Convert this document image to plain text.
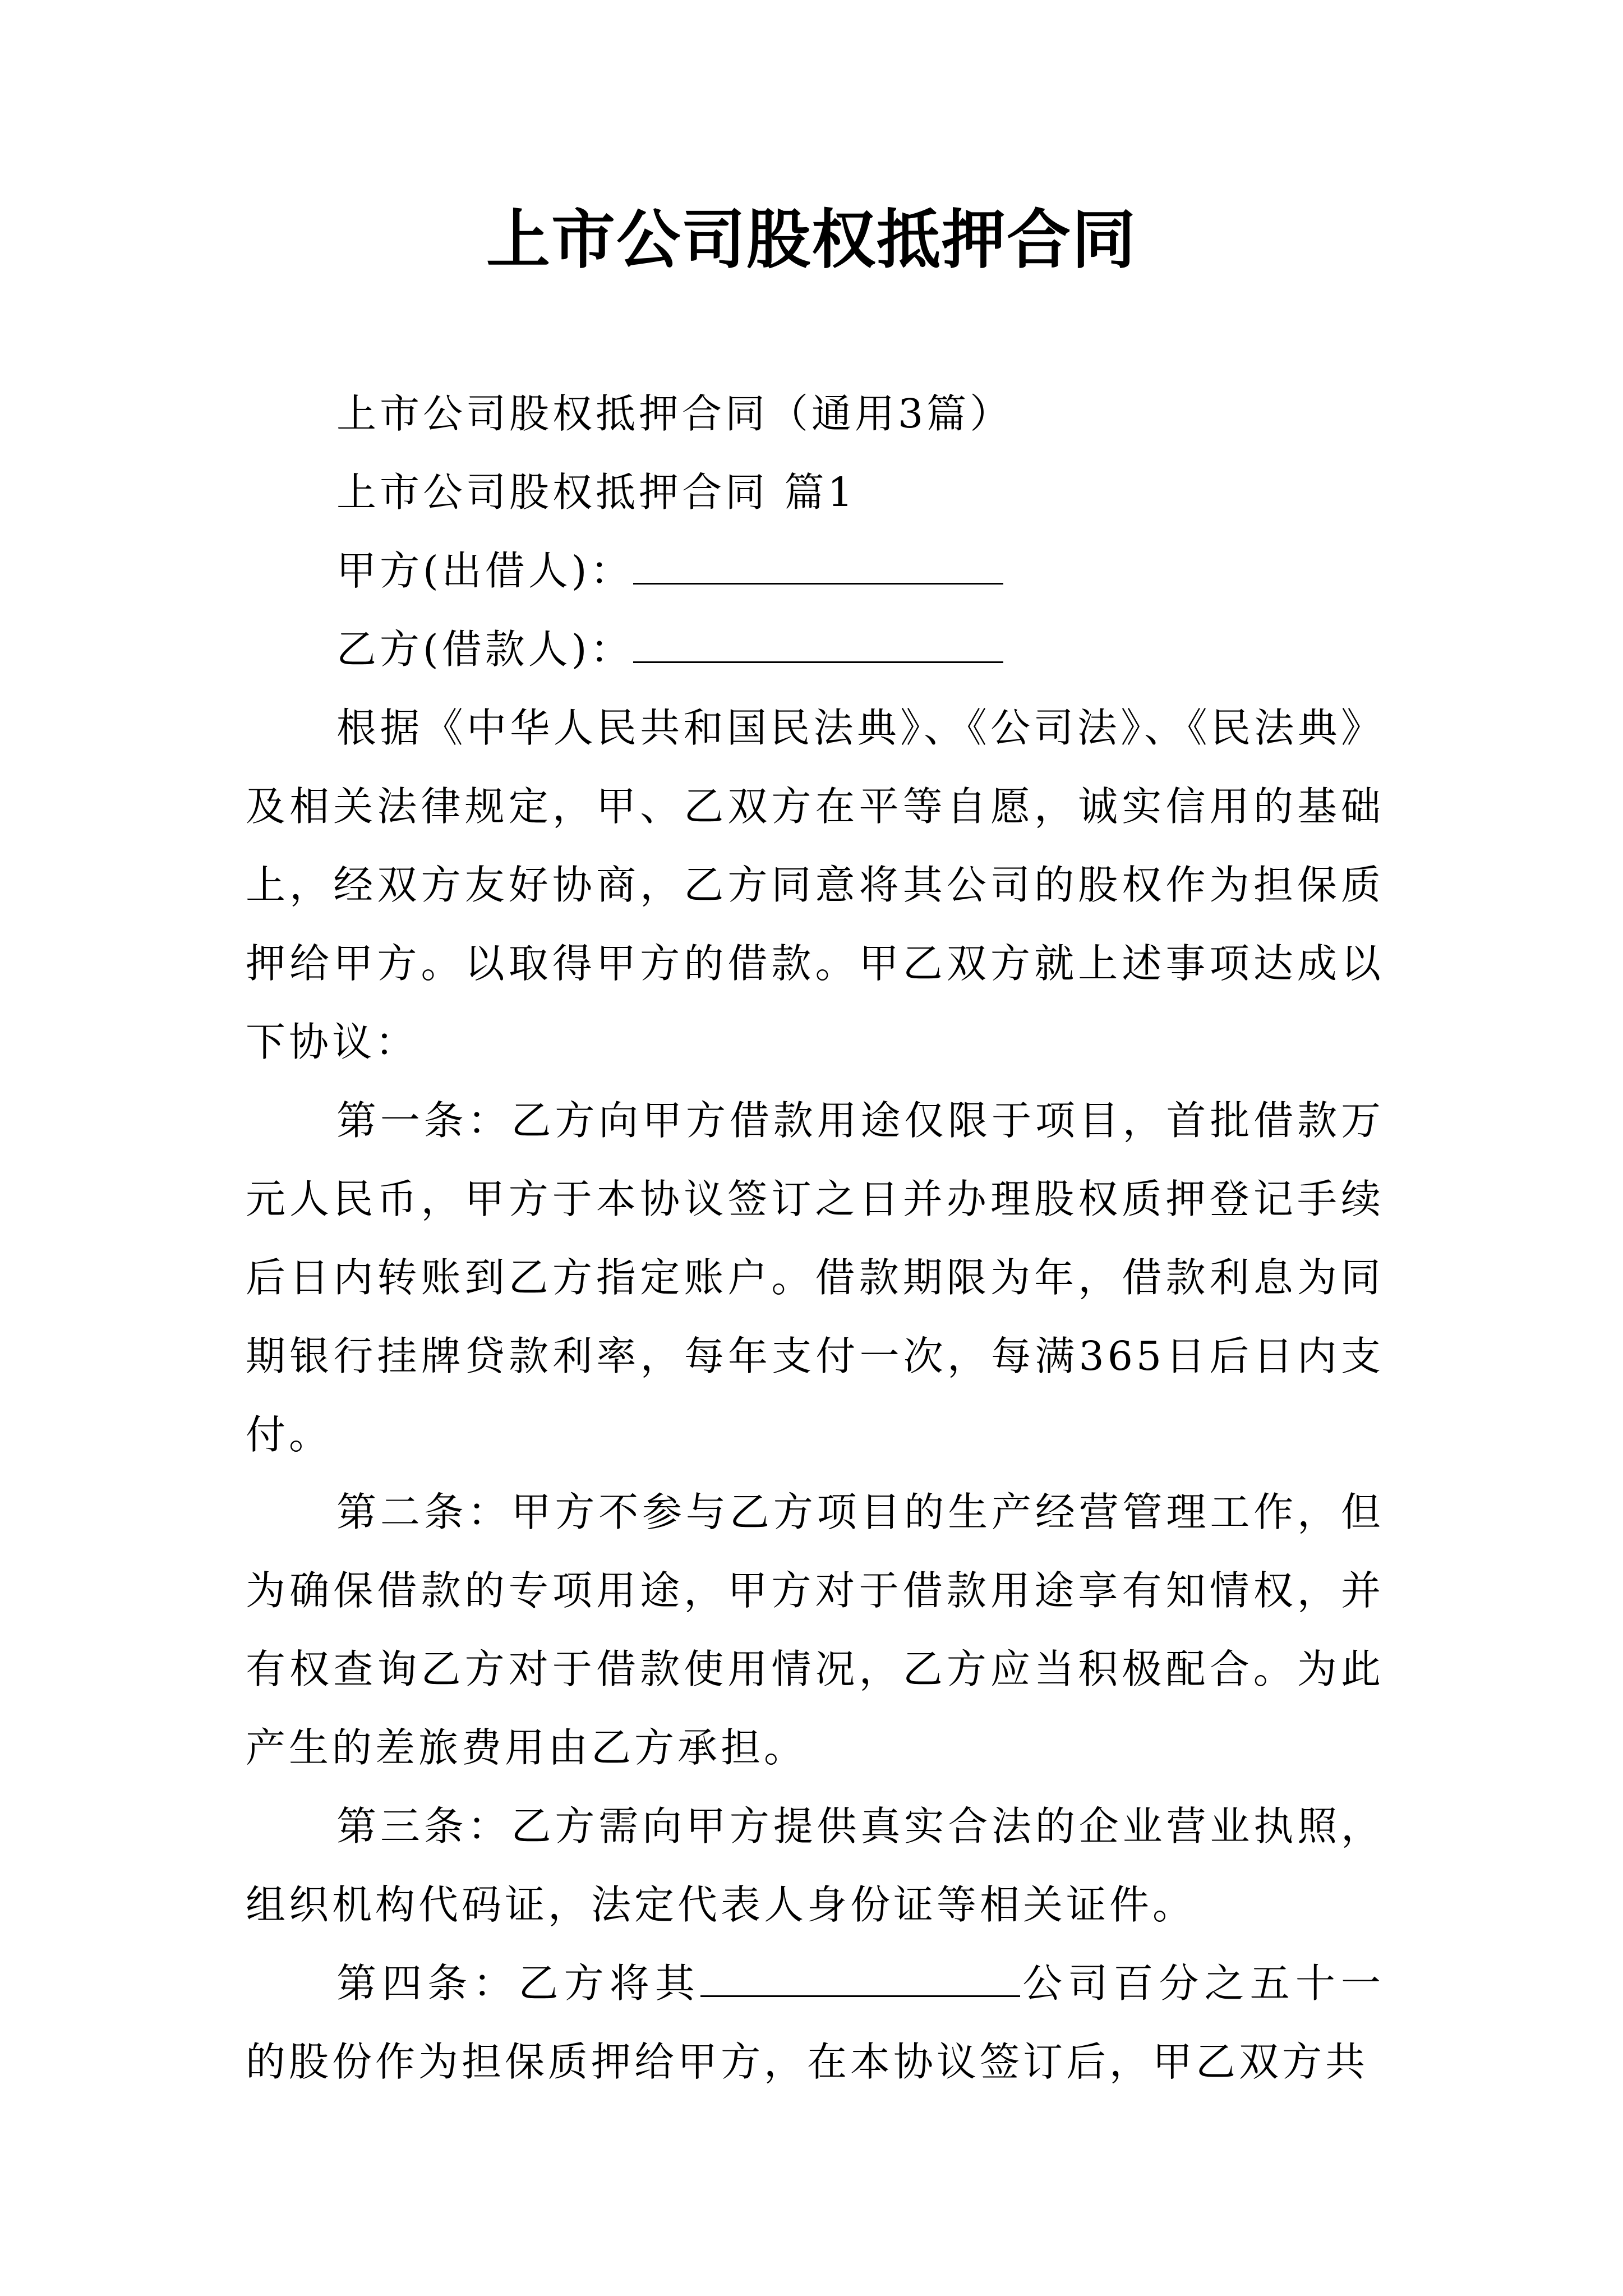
上市公司股权抵押合同
上市公司股权抵押合同（通用3篇）
上市公司股权抵押合同 篇1
甲方(出借人)：
乙方(借款人)：

根据《中华人民共和国民法典》、《公司法》、《民法典》及相关法律规定，甲、乙双方在平等自愿，诚实信用的基础上，经双方友好协商，乙方同意将其公司的股权作为担保质押给甲方。以取得甲方的借款。甲乙双方就上述事项达成以下协议：

第一条：乙方向甲方借款用途仅限于项目，首批借款万元人民币，甲方于本协议签订之日并办理股权质押登记手续后日内转账到乙方指定账户。借款期限为年，借款利息为同期银行挂牌贷款利率，每年支付一次，每满365日后日内支付。

第二条：甲方不参与乙方项目的生产经营管理工作，但为确保借款的专项用途，甲方对于借款用途享有知情权，并有权查询乙方对于借款使用情况，乙方应当积极配合。为此产生的差旅费用由乙方承担。

第三条：乙方需向甲方提供真实合法的企业营业执照，组织机构代码证，法定代表人身份证等相关证件。

第四条：乙方将其	公司百分之五十一的股份作为担保质押给甲方，在本协议签订后，甲乙双方共
